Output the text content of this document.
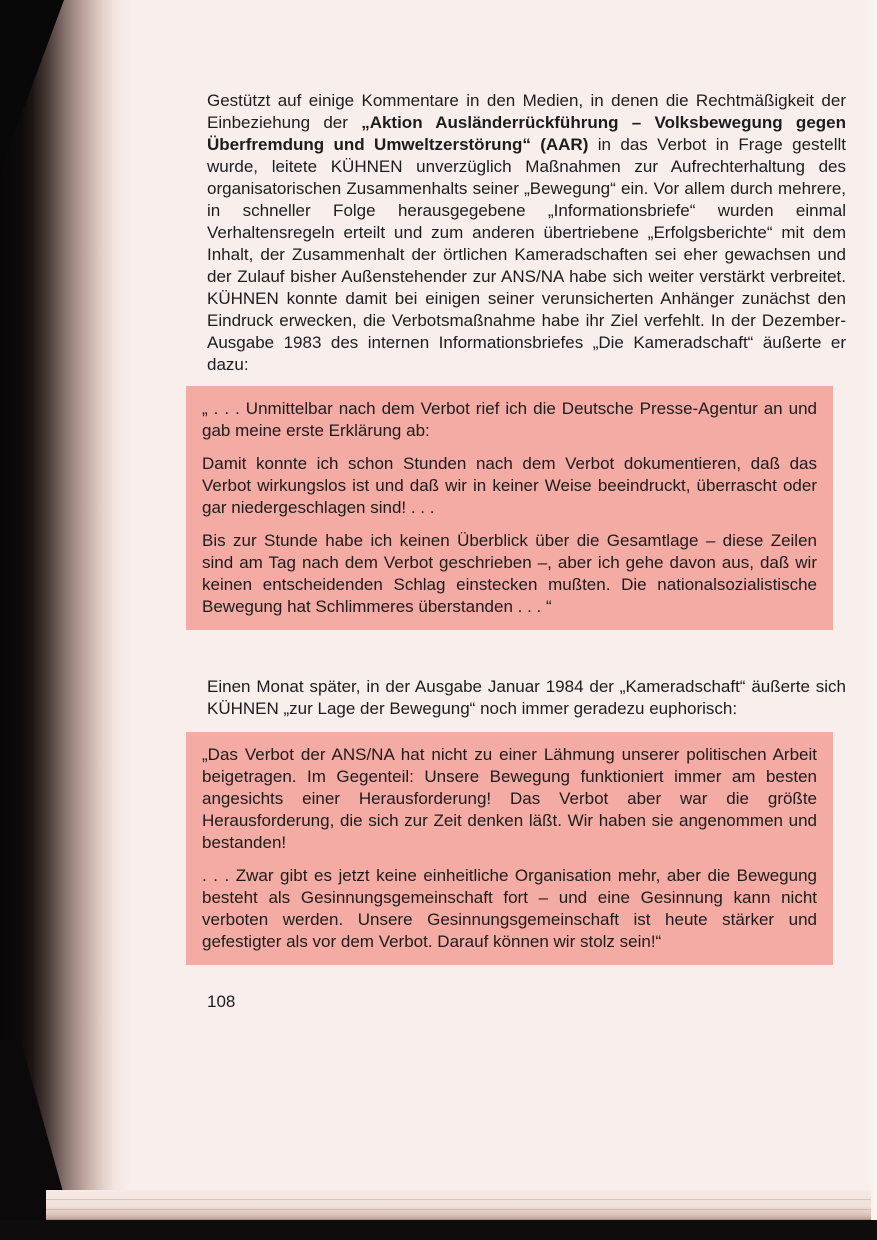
Gestützt auf einige Kommentare in den Medien, in denen die Rechtmäßigkeit der Einbeziehung der „Aktion Ausländerrückführung – Volksbewegung gegen Überfremdung und Umweltzerstörung“ (AAR) in das Verbot in Frage gestellt wurde, leitete KÜHNEN unverzüglich Maßnahmen zur Aufrechterhaltung des organisatorischen Zusammenhalts seiner „Bewegung“ ein. Vor allem durch mehrere, in schneller Folge herausgegebene „Informationsbriefe“ wurden einmal Verhaltensregeln erteilt und zum anderen übertriebene „Erfolgsberichte“ mit dem Inhalt, der Zusammenhalt der örtlichen Kameradschaften sei eher gewachsen und der Zulauf bisher Außenstehender zur ANS/NA habe sich weiter verstärkt verbreitet. KÜHNEN konnte damit bei einigen seiner verunsicherten Anhänger zunächst den Eindruck erwecken, die Verbotsmaßnahme habe ihr Ziel verfehlt. In der Dezember-Ausgabe 1983 des internen Informationsbriefes „Die Kameradschaft“ äußerte er dazu:

„ . . . Unmittelbar nach dem Verbot rief ich die Deutsche Presse-Agentur an und gab meine erste Erklärung ab:

Damit konnte ich schon Stunden nach dem Verbot dokumentieren, daß das Verbot wirkungslos ist und daß wir in keiner Weise beeindruckt, überrascht oder gar niedergeschlagen sind! . . .

Bis zur Stunde habe ich keinen Überblick über die Gesamtlage – diese Zeilen sind am Tag nach dem Verbot geschrieben –, aber ich gehe davon aus, daß wir keinen entscheidenden Schlag einstecken mußten. Die nationalsozialistische Bewegung hat Schlimmeres überstanden . . . “

Einen Monat später, in der Ausgabe Januar 1984 der „Kameradschaft“ äußerte sich KÜHNEN „zur Lage der Bewegung“ noch immer geradezu euphorisch:

„Das Verbot der ANS/NA hat nicht zu einer Lähmung unserer politischen Arbeit beigetragen. Im Gegenteil: Unsere Bewegung funktioniert immer am besten angesichts einer Herausforderung! Das Verbot aber war die größte Herausforderung, die sich zur Zeit denken läßt. Wir haben sie angenommen und bestanden!

. . . Zwar gibt es jetzt keine einheitliche Organisation mehr, aber die Bewegung besteht als Gesinnungsgemeinschaft fort – und eine Gesinnung kann nicht verboten werden. Unsere Gesinnungsgemeinschaft ist heute stärker und gefestigter als vor dem Verbot. Darauf können wir stolz sein!“

108
